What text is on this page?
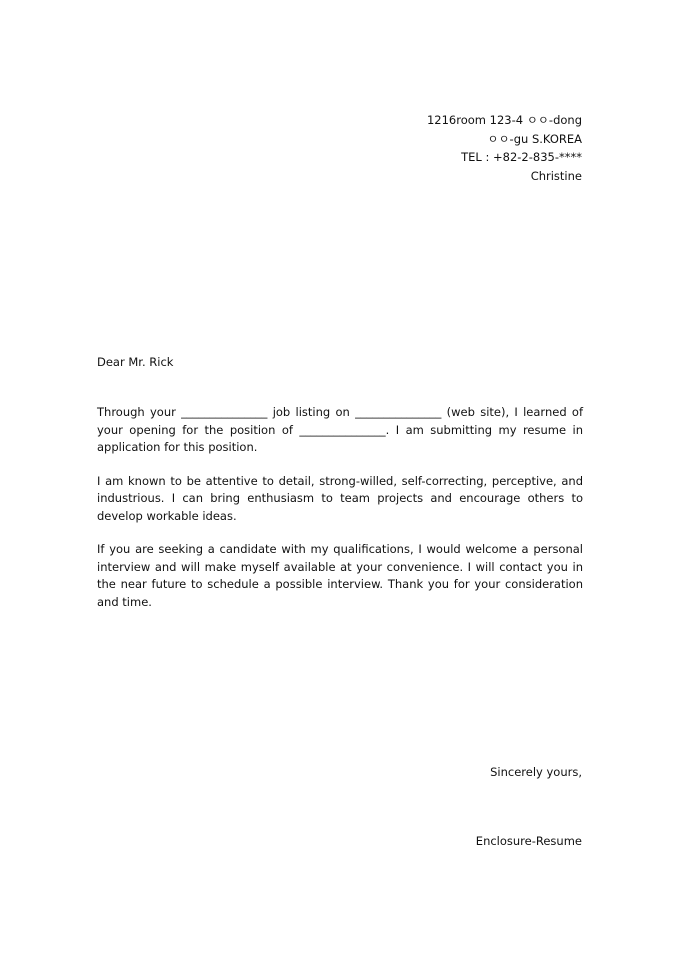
1216room 123-4 ㅇㅇ-dong
ㅇㅇ-gu S.KOREA
TEL : +82-2-835-****
Christine
Dear Mr. Rick

Through your _______________ job listing on _______________ (web site), I learned of your opening for the position of _______________. I am submitting my resume in application for this position.

I am known to be attentive to detail, strong-willed, self-correcting, perceptive, and industrious. I can bring enthusiasm to team projects and encourage others to develop workable ideas.

If you are seeking a candidate with my qualifications, I would welcome a personal interview and will make myself available at your convenience. I will contact you in the near future to schedule a possible interview. Thank you for your consideration and time.

Sincerely yours,
Enclosure-Resume
